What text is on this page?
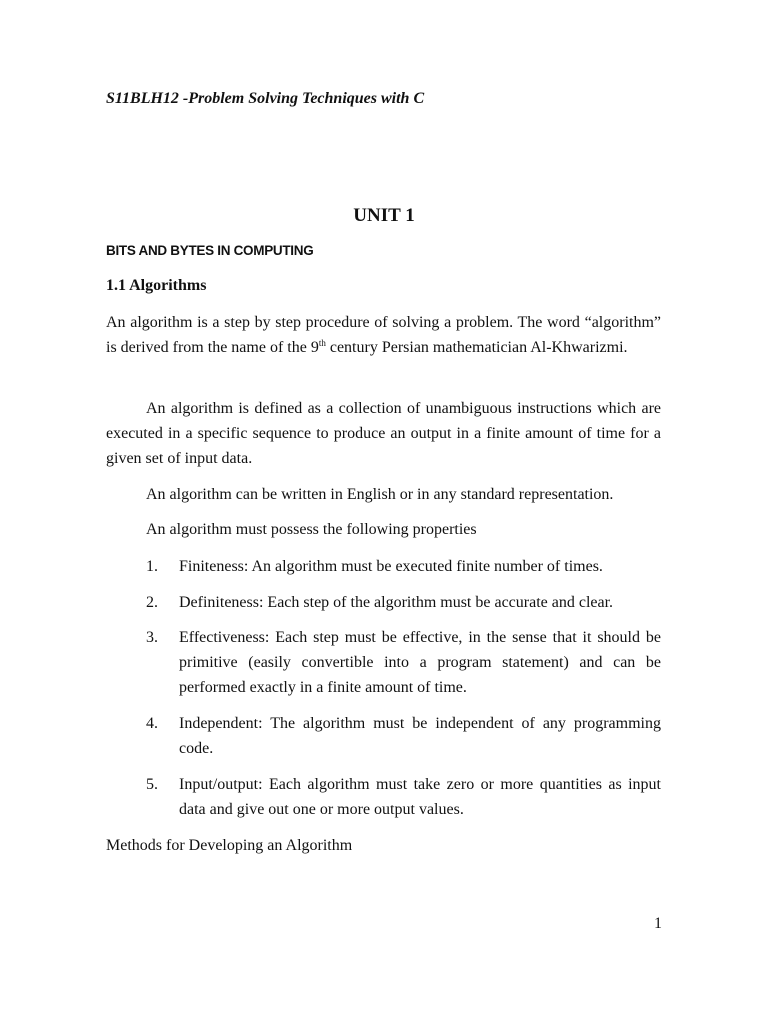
S11BLH12 -Problem Solving Techniques with C
UNIT 1
BITS AND BYTES IN COMPUTING
1.1 Algorithms
An algorithm is a step by step procedure of solving a problem. The word “algorithm” is derived from the name of the 9th century Persian mathematician Al-Khwarizmi.
An algorithm is defined as a collection of unambiguous instructions which are executed in a specific sequence to produce an output in a finite amount of time for a given set of input data.
An algorithm can be written in English or in any standard representation.
An algorithm must possess the following properties
1.	Finiteness: An algorithm must be executed finite number of times.
2.	Definiteness: Each step of the algorithm must be accurate and clear.
3.	Effectiveness: Each step must be effective, in the sense that it should be primitive (easily convertible into a program statement) and can be performed exactly in a finite amount of time.
4.	Independent: The algorithm must be independent of any programming code.
5.	Input/output: Each algorithm must take zero or more quantities as input data and give out one or more output values.
Methods for Developing an Algorithm
1
